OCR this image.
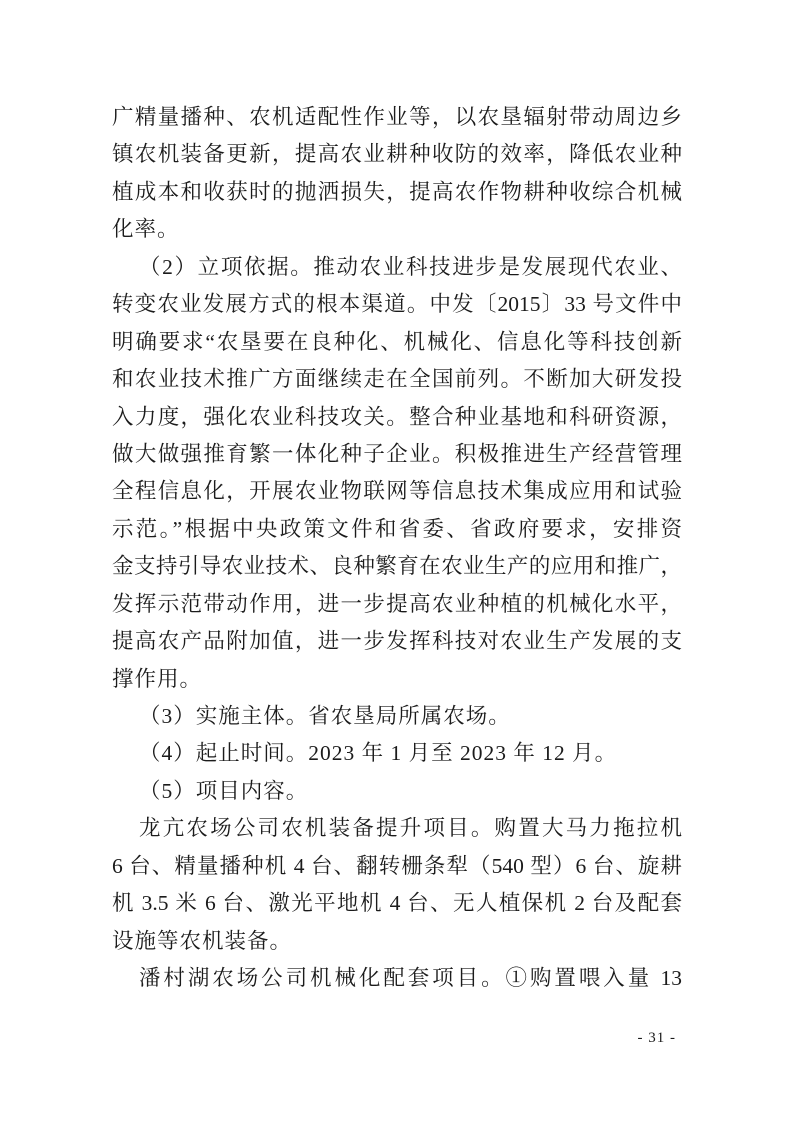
广精量播种、农机适配性作业等，以农垦辐射带动周边乡
镇农机装备更新，提高农业耕种收防的效率，降低农业种
植成本和收获时的抛洒损失，提高农作物耕种收综合机械
化率。
（2）立项依据。推动农业科技进步是发展现代农业、
转变农业发展方式的根本渠道。中发〔2015〕33 号文件中
明确要求“农垦要在良种化、机械化、信息化等科技创新
和农业技术推广方面继续走在全国前列。不断加大研发投
入力度，强化农业科技攻关。整合种业基地和科研资源，
做大做强推育繁一体化种子企业。积极推进生产经营管理
全程信息化，开展农业物联网等信息技术集成应用和试验
示范。”根据中央政策文件和省委、省政府要求，安排资
金支持引导农业技术、良种繁育在农业生产的应用和推广，
发挥示范带动作用，进一步提高农业种植的机械化水平，
提高农产品附加值，进一步发挥科技对农业生产发展的支
撑作用。
（3）实施主体。省农垦局所属农场。
（4）起止时间。2023 年 1 月至 2023 年 12 月。
（5）项目内容。
龙亢农场公司农机装备提升项目。购置大马力拖拉机
6 台、精量播种机 4 台、翻转栅条犁（540 型）6 台、旋耕
机 3.5 米 6 台、激光平地机 4 台、无人植保机 2 台及配套
设施等农机装备。
潘村湖农场公司机械化配套项目。①购置喂入量 13
- 31 -
